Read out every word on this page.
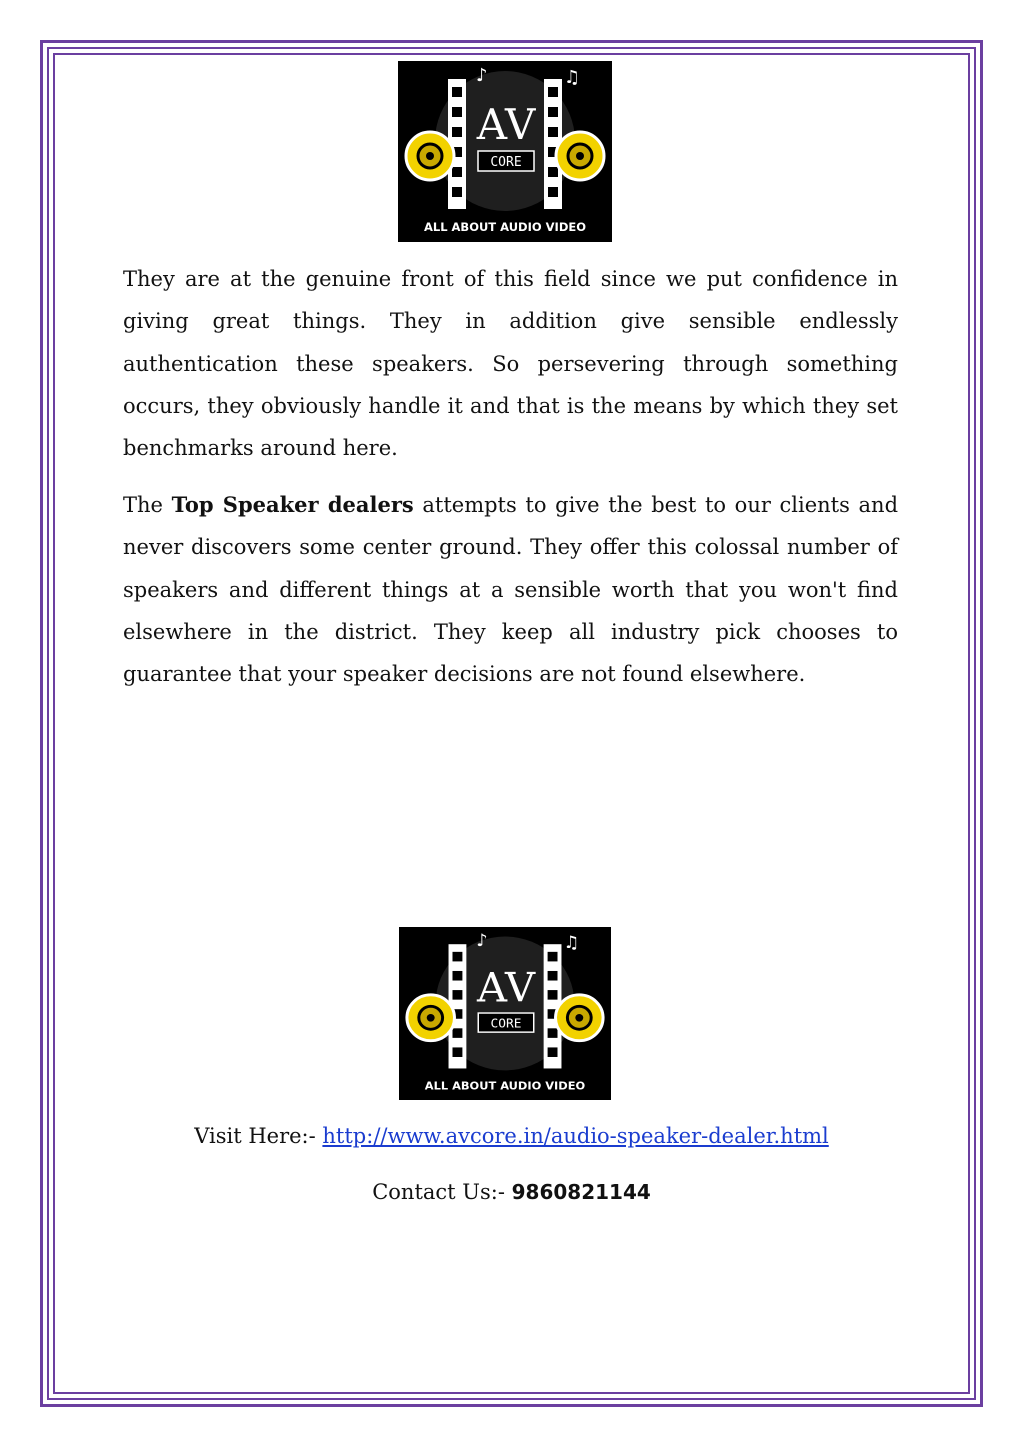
♪	♫
AV
CORE
ALL ABOUT AUDIO VIDEO
They are at the genuine front of this field since we put confidence in giving great things. They in addition give sensible endlessly authentication these speakers. So persevering through something occurs, they obviously handle it and that is the means by which they set benchmarks around here.
The Top Speaker dealers attempts to give the best to our clients and never discovers some center ground. They offer this colossal number of speakers and different things at a sensible worth that you won't find elsewhere in the district. They keep all industry pick chooses to guarantee that your speaker decisions are not found elsewhere.
♪	♫
AV
CORE
ALL ABOUT AUDIO VIDEO
Visit Here:- http://www.avcore.in/audio-speaker-dealer.html
Contact Us:- 9860821144
